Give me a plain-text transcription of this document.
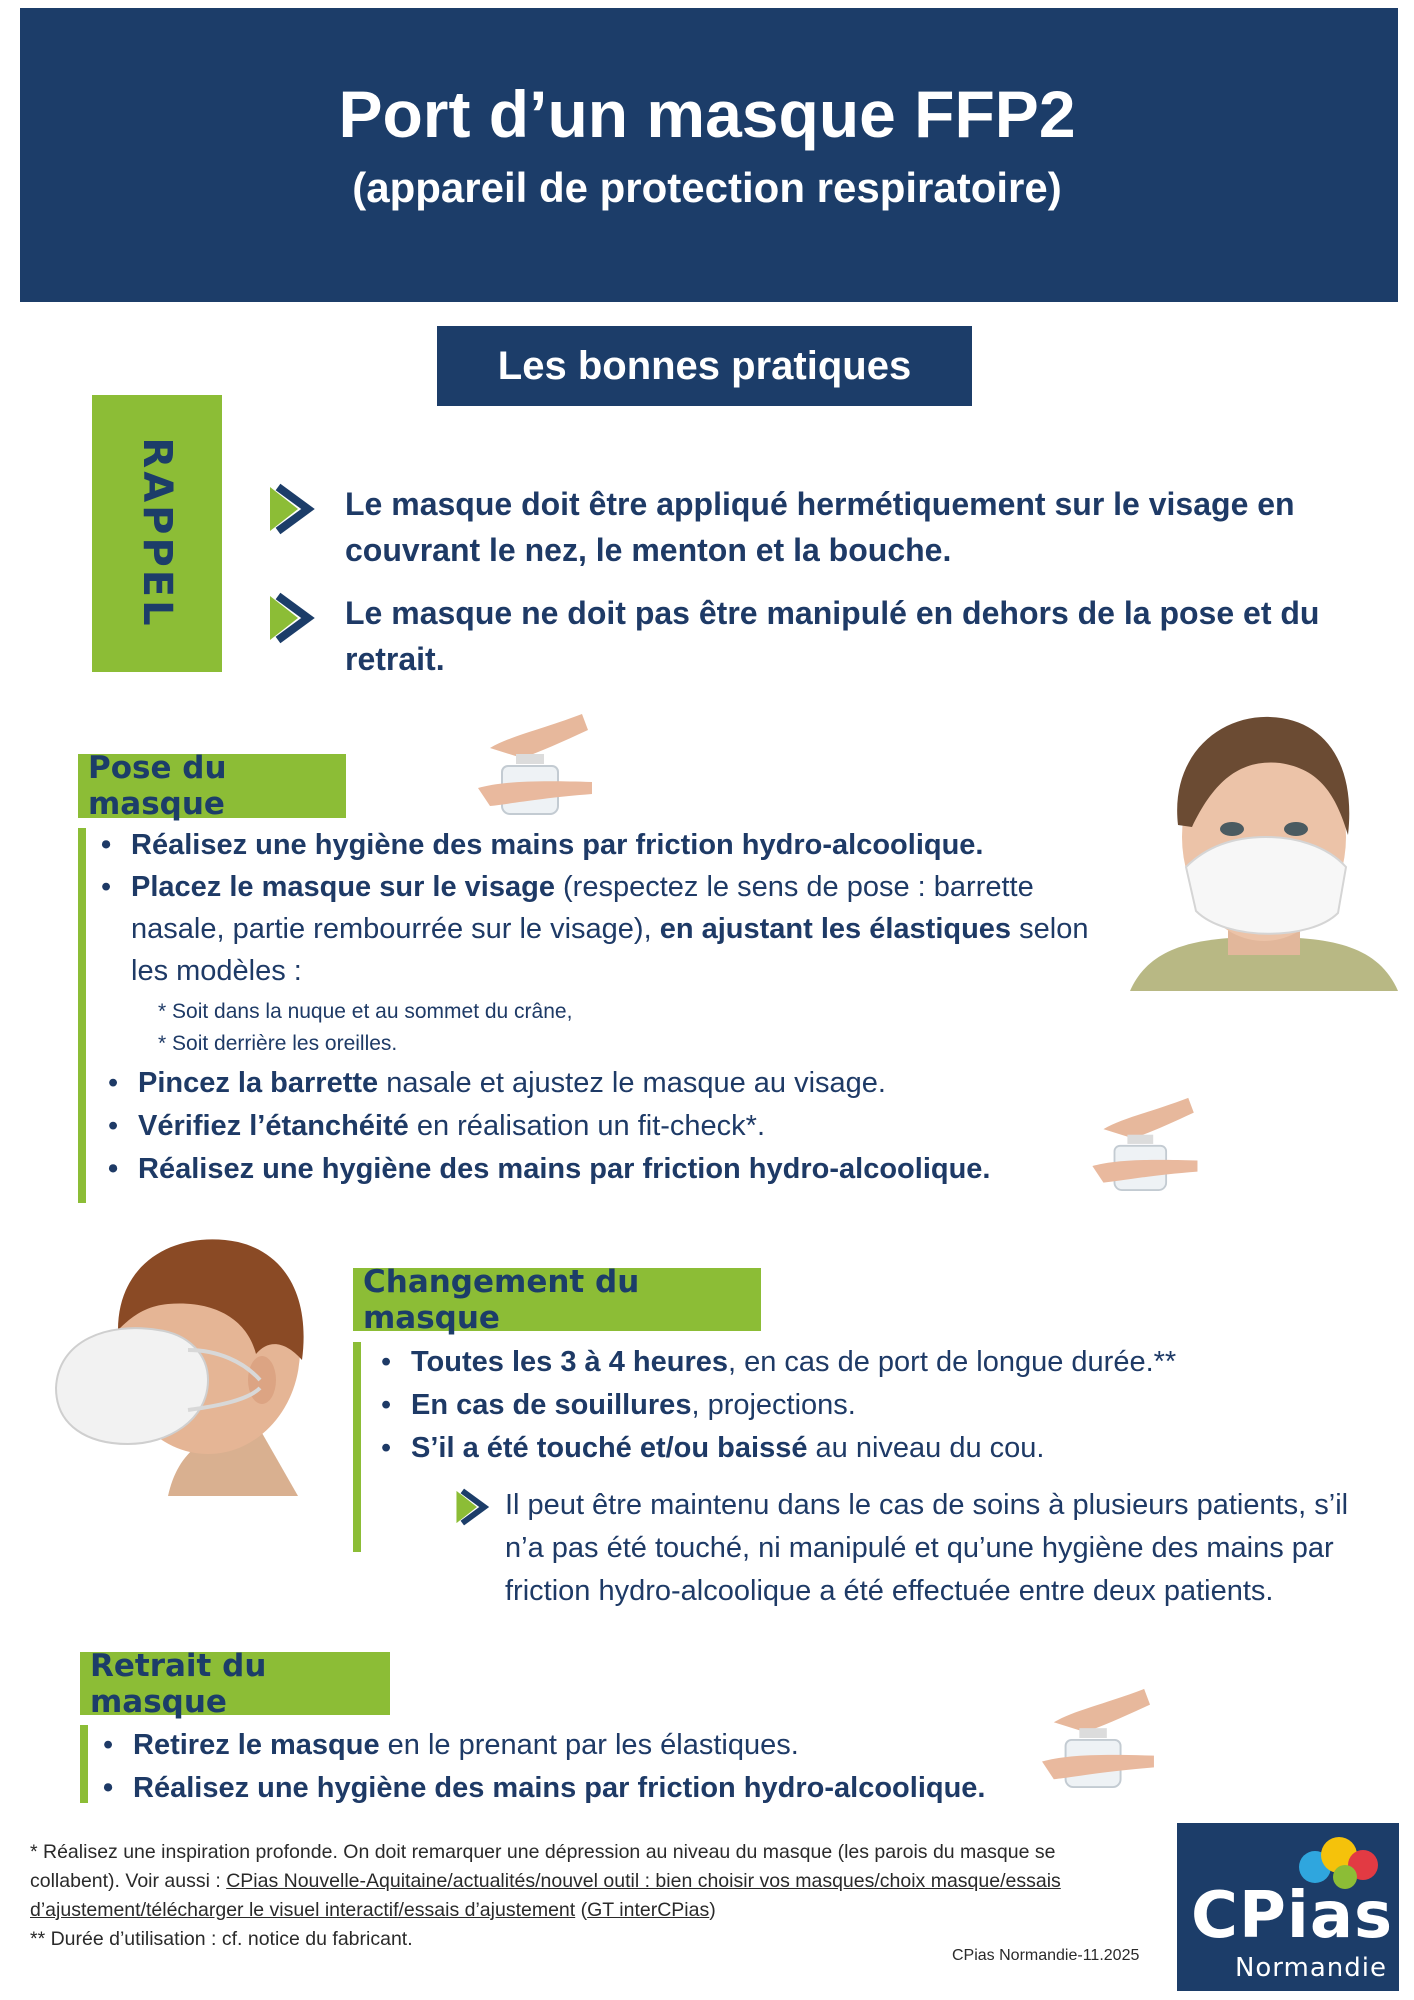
Port d’un masque FFP2
(appareil de protection respiratoire)
Les bonnes pratiques
RAPPEL	Le masque doit être appliqué hermétiquement sur le visage en couvrant le nez, le menton et la bouche.
Le masque ne doit pas être manipulé en dehors de la pose et du retrait.
Pose du masque
• Réalisez une hygiène des mains par friction hydro-alcoolique.
• Placez le masque sur le visage (respectez le sens de pose : barrette nasale, partie rembourrée sur le visage), en ajustant les élastiques selon les modèles :
* Soit dans la nuque et au sommet du crâne,
* Soit derrière les oreilles.
• Pincez la barrette nasale et ajustez le masque au visage.
• Vérifiez l’étanchéité en réalisation un fit-check*.
• Réalisez une hygiène des mains par friction hydro-alcoolique.
Changement du masque
• Toutes les 3 à 4 heures, en cas de port de longue durée.**
• En cas de souillures, projections.
• S’il a été touché et/ou baissé au niveau du cou.
Il peut être maintenu dans le cas de soins à plusieurs patients, s’il n’a pas été touché, ni manipulé et qu’une hygiène des mains par friction hydro-alcoolique a été effectuée entre deux patients.
Retrait du masque
• Retirez le masque en le prenant par les élastiques.
• Réalisez une hygiène des mains par friction hydro-alcoolique.
* Réalisez une inspiration profonde. On doit remarquer une dépression au niveau du masque (les parois du masque se collabent). Voir aussi : CPias Nouvelle-Aquitaine/actualités/nouvel outil : bien choisir vos masques/choix masque/essais d’ajustement/télécharger le visuel interactif/essais d’ajustement (GT interCPias)
** Durée d’utilisation : cf. notice du fabricant.
CPias Normandie-11.2025
CPias
Normandie
